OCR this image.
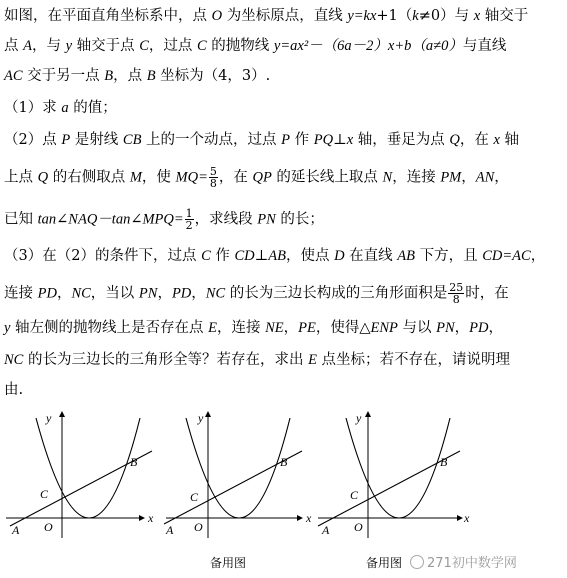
如图，在平面直角坐标系中，点 O 为坐标原点，直线 y=kx+1（k≠0）与 x 轴交于
点 A，与 y 轴交于点 C，过点 C 的抛物线 y=ax²－（6a－2）x+b（a≠0）与直线
AC 交于另一点 B，点 B 坐标为（4，3）.
（1）求 a 的值；
（2）点 P 是射线 CB 上的一个动点，过点 P 作 PQ⊥x 轴，垂足为点 Q，在 x 轴
上点 Q 的右侧取点 M，使 $MQ= \frac{5}{8}$ ，在 QP 的延长线上取点 N，连接 PM，AN，
已知 tan∠NAQ－tan∠MPQ= $\frac{1}{2}$ ，求线段 PN 的长；
（3）在（2）的条件下，过点 C 作 CD⊥AB，使点 D 在直线 AB 下方，且 CD=AC，
连接 PD，NC，当以 PN，PD，NC 的长为三边长构成的三角形面积是 $\frac{25}{8}$ 时，在
y 轴左侧的抛物线上是否存在点 E，连接 NE，PE，使得△ENP 与以 PN，PD，
NC 的长为三边长的三角形全等？若存在，求出 E 点坐标；若不存在，请说明理
由.
y
x
A O
C
B
y
x
A O
C
B
y
x
A O
C
B
备用图	备用图	271初中数学网
